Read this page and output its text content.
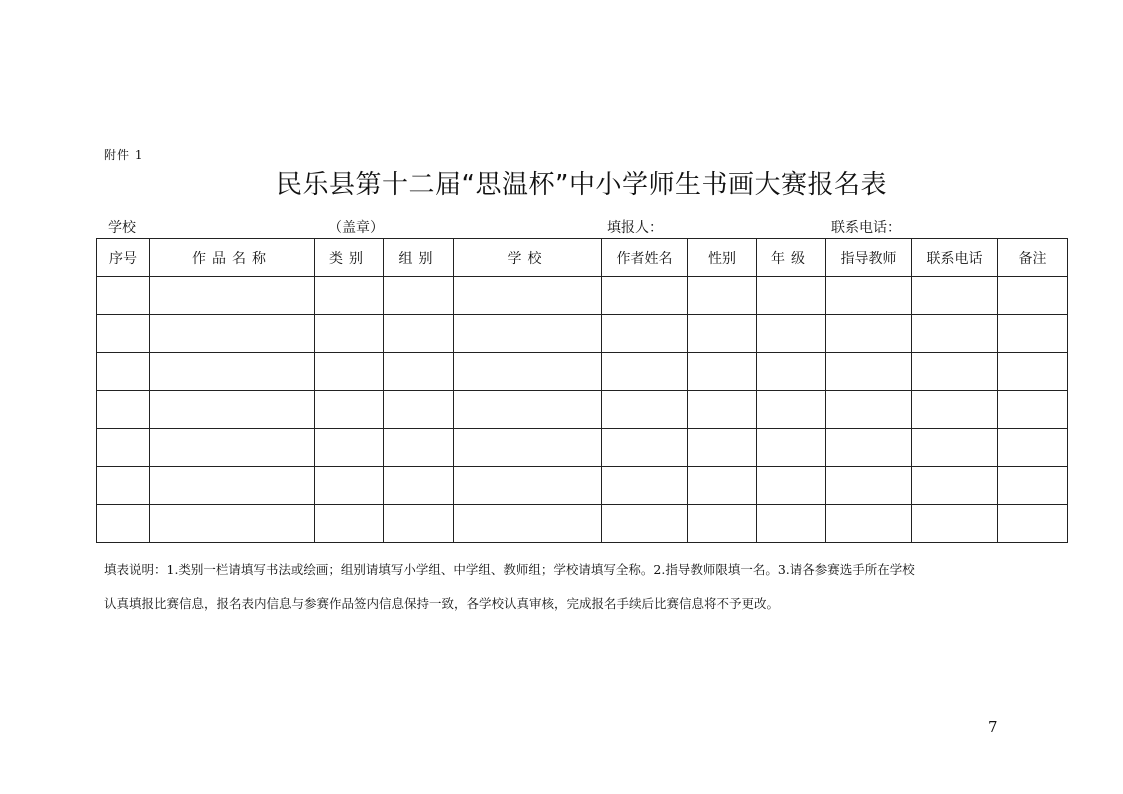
附件 1
民乐县第十二届“思温杯”中小学师生书画大赛报名表
学校	（盖章）	填报人：	联系电话：
序号	作品名称	类别	组别	学校	作者姓名	性别	年级	指导教师	联系电话	备注

填表说明：1.类别一栏请填写书法或绘画；组别请填写小学组、中学组、教师组；学校请填写全称。2.指导教师限填一名。3.请各参赛选手所在学校
认真填报比赛信息，报名表内信息与参赛作品签内信息保持一致，各学校认真审核，完成报名手续后比赛信息将不予更改。
7
